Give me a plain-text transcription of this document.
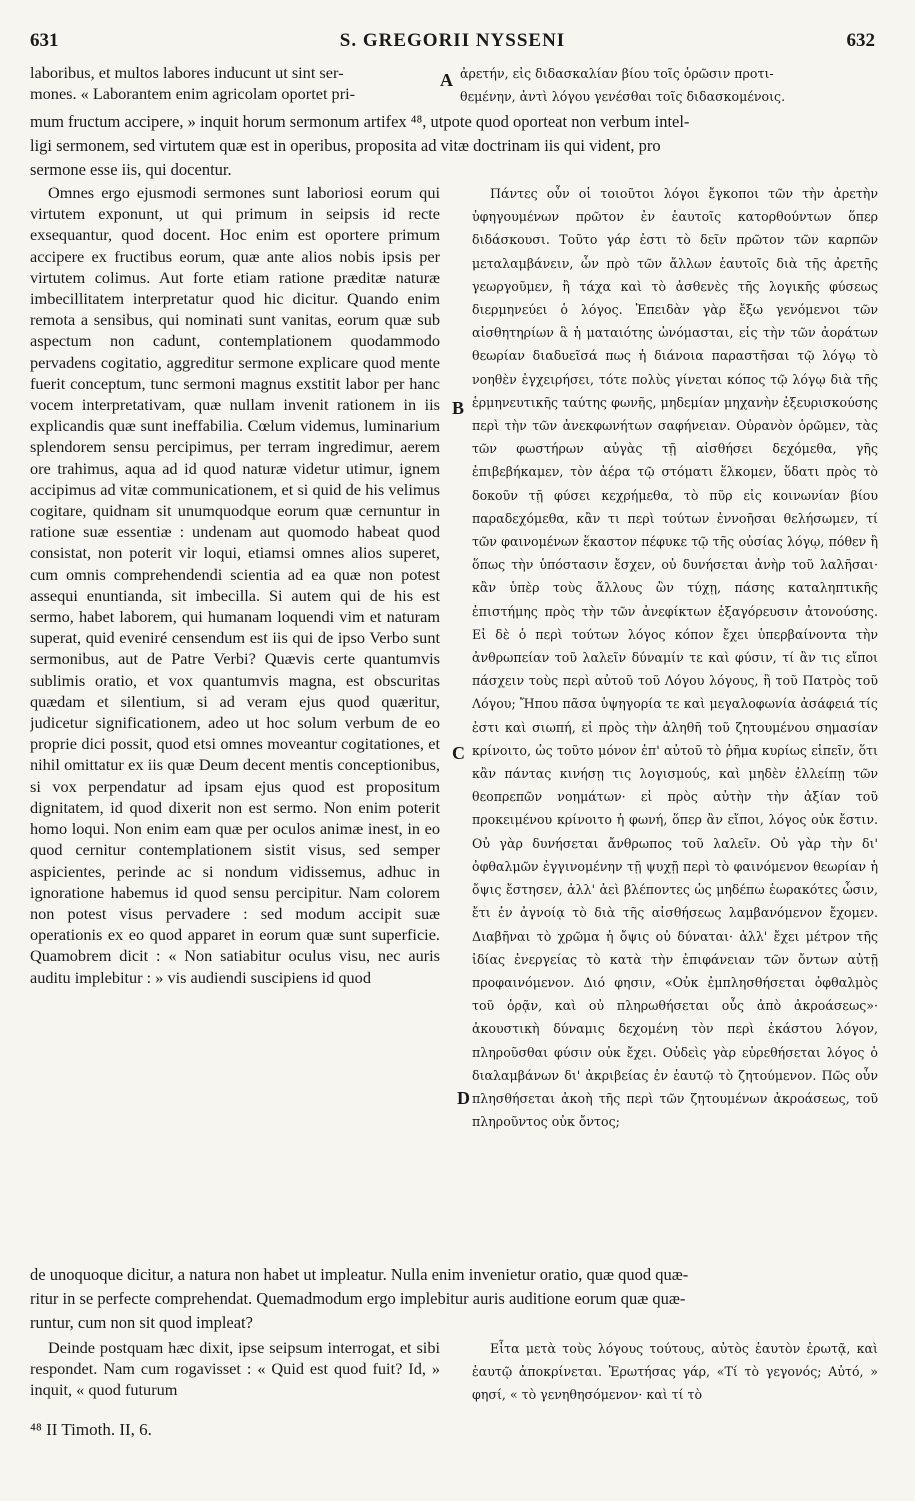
631	S. GREGORII NYSSENI	632
laboribus, et multos labores inducunt ut sint ser-
mones. « Laborantem enim agricolam oportet pri-
A ἀρετήν, εἰς διδασκαλίαν βίου τοῖς ὁρῶσιν προτι-
θεμένην, ἀντὶ λόγου γενέσθαι τοῖς διδασκομένοις.
mum fructum accipere, » inquit horum sermonum artifex ⁴⁸, utpote quod oporteat non verbum intel-
ligi sermonem, sed virtutem quæ est in operibus, proposita ad vitæ doctrinam iis qui vident, pro
sermone esse iis, qui docentur.

Omnes ergo ejusmodi sermones sunt laboriosi eorum qui virtutem exponunt, ut qui primum in seipsis id recte exsequantur, quod docent. Hoc enim est oportere primum accipere ex fructibus eorum, quæ ante alios nobis ipsis per virtutem colimus. Aut forte etiam ratione præditæ naturæ imbecillitatem interpretatur quod hic dicitur. Quando enim remota a sensibus, qui nominati sunt vanitas, eorum quæ sub aspectum non cadunt, contemplationem quodammodo pervadens cogitatio, aggreditur sermone explicare quod mente fuerit conceptum, tunc sermoni magnus exstitit labor per hanc vocem interpretativam, quæ nullam invenit rationem in iis explicandis quæ sunt ineffabilia. Cœlum videmus, luminarium splendorem sensu percipimus, per terram ingredimur, aerem ore trahimus, aqua ad id quod naturæ videtur utimur, ignem accipimus ad vitæ communicationem, et si quid de his velimus cogitare, quidnam sit unumquodque eorum quæ cernuntur in ratione suæ essentiæ : undenam aut quomodo habeat quod consistat, non poterit vir loqui, etiamsi omnes alios superet, cum omnis comprehendendi scientia ad ea quæ non potest assequi enuntianda, sit imbecilla. Si autem qui de his est sermo, habet laborem, qui humanam loquendi vim et naturam superat, quid eveniré censendum est iis qui de ipso Verbo sunt sermonibus, aut de Patre Verbi? Quævis certe quantumvis sublimis oratio, et vox quantumvis magna, est obscuritas quædam et silentium, si ad veram ejus quod quæritur, judicetur significationem, adeo ut hoc solum verbum de eo proprie dici possit, quod etsi omnes moveantur cogitationes, et nihil omittatur ex iis quæ Deum decent mentis conceptionibus, si vox perpendatur ad ipsam ejus quod est propositum dignitatem, id quod dixerit non est sermo. Non enim poterit homo loqui. Non enim eam quæ per oculos animæ inest, in eo quod cernitur contemplationem sistit visus, sed semper aspicientes, perinde ac si nondum vidissemus, adhuc in ignoratione habemus id quod sensu percipitur. Nam colorem non potest visus pervadere : sed modum accipit suæ operationis ex eo quod apparet in eorum quæ sunt superficie. Quamobrem dicit : « Non satiabitur oculus visu, nec auris auditu implebitur : » vis audiendi suscipiens id quod

B
C
D

Πάντες οὖν οἱ τοιοῦτοι λόγοι ἔγκοποι τῶν τὴν ἀρετὴν ὑφηγουμένων πρῶτον ἐν ἑαυτοῖς κατορθούντων ὅπερ διδάσκουσι. Τοῦτο γάρ ἐστι τὸ δεῖν πρῶτον τῶν καρπῶν μεταλαμβάνειν, ὧν πρὸ τῶν ἄλλων ἑαυτοῖς διὰ τῆς ἀρετῆς γεωργοῦμεν, ἢ τάχα καὶ τὸ ἀσθενὲς τῆς λογικῆς φύσεως διερμηνεύει ὁ λόγος. Ἐπειδὰν γὰρ ἔξω γενόμενοι τῶν αἰσθητηρίων ἃ ἡ ματαιότης ὠνόμασται, εἰς τὴν τῶν ἀοράτων θεωρίαν διαδυεῖσά πως ἡ διάνοια παραστῆσαι τῷ λόγῳ τὸ νοηθὲν ἐγχειρήσει, τότε πολὺς γίνεται κόπος τῷ λόγῳ διὰ τῆς ἑρμηνευτικῆς ταύτης φωνῆς, μηδεμίαν μηχανὴν ἐξευρισκούσης περὶ τὴν τῶν ἀνεκφωνήτων σαφήνειαν. Οὐρανὸν ὁρῶμεν, τὰς τῶν φωστήρων αὐγὰς τῇ αἰσθήσει δεχόμεθα, γῆς ἐπιβεβήκαμεν, τὸν ἀέρα τῷ στόματι ἕλκομεν, ὕδατι πρὸς τὸ δοκοῦν τῇ φύσει κεχρήμεθα, τὸ πῦρ εἰς κοινωνίαν βίου παραδεχόμεθα, κἂν τι περὶ τούτων ἐννοῆσαι θελήσωμεν, τί τῶν φαινομένων ἕκαστον πέφυκε τῷ τῆς οὐσίας λόγῳ, πόθεν ἢ ὅπως τὴν ὑπόστασιν ἔσχεν, οὐ δυνήσεται ἀνὴρ τοῦ λαλῆσαι· κἂν ὑπὲρ τοὺς ἄλλους ὢν τύχῃ, πάσης καταληπτικῆς ἐπιστήμης πρὸς τὴν τῶν ἀνεφίκτων ἐξαγόρευσιν ἀτονούσης. Εἰ δὲ ὁ περὶ τούτων λόγος κόπον ἔχει ὑπερβαίνοντα τὴν ἀνθρωπείαν τοῦ λαλεῖν δύναμίν τε καὶ φύσιν, τί ἂν τις εἴποι πάσχειν τοὺς περὶ αὐτοῦ τοῦ Λόγου λόγους, ἢ τοῦ Πατρὸς τοῦ Λόγου; Ἤπου πᾶσα ὑψηγορία τε καὶ μεγαλοφωνία ἀσάφειά τίς ἐστι καὶ σιωπή, εἰ πρὸς τὴν ἀληθῆ τοῦ ζητουμένου σημασίαν κρίνοιτο, ὡς τοῦτο μόνον ἐπ' αὐτοῦ τὸ ῥῆμα κυρίως εἰπεῖν, ὅτι κἂν πάντας κινήσῃ τις λογισμούς, καὶ μηδὲν ἐλλείπῃ τῶν θεοπρεπῶν νοημάτων· εἰ πρὸς αὐτὴν τὴν ἀξίαν τοῦ προκειμένου κρίνοιτο ἡ φωνή, ὅπερ ἂν εἴποι, λόγος οὐκ ἔστιν. Οὐ γὰρ δυνήσεται ἄνθρωπος τοῦ λαλεῖν. Οὐ γὰρ τὴν δι' ὀφθαλμῶν ἐγγινομένην τῇ ψυχῇ περὶ τὸ φαινόμενον θεωρίαν ἡ ὄψις ἔστησεν, ἀλλ' ἀεὶ βλέποντες ὡς μηδέπω ἑωρακότες ὦσιν, ἔτι ἐν ἀγνοίᾳ τὸ διὰ τῆς αἰσθήσεως λαμβανόμενον ἔχομεν. Διαβῆναι τὸ χρῶμα ἡ ὄψις οὐ δύναται· ἀλλ' ἔχει μέτρον τῆς ἰδίας ἐνεργείας τὸ κατὰ τὴν ἐπιφάνειαν τῶν ὄντων αὐτῇ προφαινόμενον. Διό φησιν, «Οὐκ ἐμπλησθήσεται ὀφθαλμὸς τοῦ ὁρᾷν, καὶ οὐ πληρωθήσεται οὖς ἀπὸ ἀκροάσεως»· ἀκουστικὴ δύναμις δεχομένη τὸν περὶ ἑκάστου λόγον, πληροῦσθαι φύσιν οὐκ ἔχει. Οὐδεὶς γὰρ εὑρεθήσεται λόγος ὁ διαλαμβάνων δι' ἀκριβείας ἐν ἑαυτῷ τὸ ζητούμενον. Πῶς οὖν πλησθήσεται ἀκοὴ τῆς περὶ τῶν ζητουμένων ἀκροάσεως, τοῦ πληροῦντος οὐκ ὄντος;

de unoquoque dicitur, a natura non habet ut impleatur. Nulla enim invenietur oratio, quæ quod quæ-
ritur in se perfecte comprehendat. Quemadmodum ergo implebitur auris auditione eorum quæ quæ-
runtur, cum non sit quod impleat?

Deinde postquam hæc dixit, ipse seipsum interrogat, et sibi respondet. Nam cum rogavisset : « Quid est quod fuit? Id, » inquit, « quod futurum

Εἶτα μετὰ τοὺς λόγους τούτους, αὐτὸς ἑαυτὸν ἐρωτᾷ, καὶ ἑαυτῷ ἀποκρίνεται. Ἐρωτήσας γάρ, «Τί τὸ γεγονός; Αὐτό, » φησί, « τὸ γενηθησόμενον· καὶ τί τὸ

⁴⁸ II Timoth. II, 6.
